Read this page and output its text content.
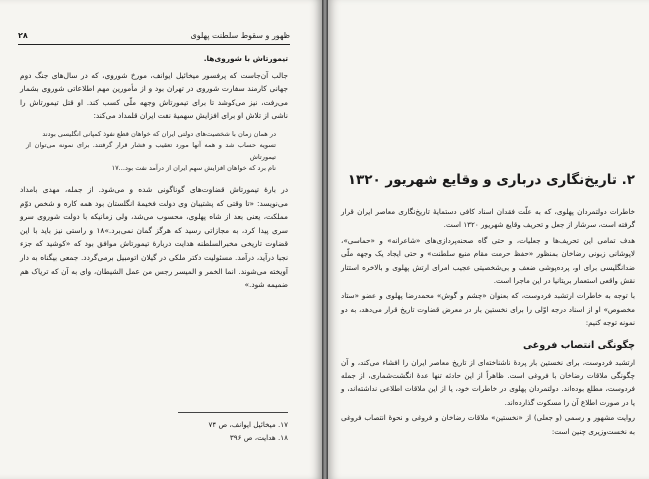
۲۸	ظهور و سقوط سلطنت پهلوی

تیمورتاش با شوروی‌ها.

جالب آن‌جاست که پرفسور میخائیل ایوانف، مورخ شوروی، که در سال‌های جنگ دوم جهانی کارمند سفارت شوروی در تهران بود و از مأمورین مهم اطلاعاتی شوروی بشمار می‌رفت، نیز می‌کوشد تا برای تیمورتاش وجهه ملّی کسب کند. او قتل تیمورتاش را ناشی از تلاش او برای افزایش سهمیهٔ نفت ایران قلمداد می‌کند:

در همان زمان با شخصیت‌های دولتی ایران که خواهان قطع نفوذ کمپانی انگلیسی بودند
تسویه حساب شد و همه آنها مورد تعقیب و فشار قرار گرفتند. برای نمونه می‌توان از تیمورتاش
نام برد که خواهان افزایش سهم ایران از درآمد نفت بود...۱۷

در بارهٔ تیمورتاش قضاوت‌های گوناگونی شده و می‌شود. از جمله، مهدی بامداد می‌نویسد: «تا وقتی که پشتیبان وی دولت فخیمهٔ انگلستان بود همه کاره و شخص دوّم مملکت، یعنی بعد از شاه پهلوی، محسوب می‌شد، ولی زمانیکه با دولت شوروی سرو سری پیدا کرد، به مجازاتی رسید که هرگز گمان نمی‌برد.»۱۸ و راستی نیز باید با این قضاوت تاریخی مخبرالسلطنه هدایت دربارهٔ تیمورتاش موافق بود که «کوشید که جزء نجبا درآید، درآمد. مسئولیت دکتر ملکی در گیلان اتومبیل برمی‌گردد. جمعی بیگناه به دار آویخته می‌شوند. انما الخمر و المیسر رجس من عمل الشیطان، وای به آن که تریاک هم ضمیمه شود.»

۱۷. میخائیل ایوانف، ص ۷۴
۱۸. هدایت، ص ۳۹۶
۲. تاریخ‌نگاری درباری و وقایع شهریور ۱۳۲۰

خاطرات دولتمردان پهلوی، که به علّت فقدان اسناد کافی دستمایهٔ تاریخ‌نگاری معاصر ایران قرار گرفته است، سرشار از جعل و تحریف وقایع شهریور ۱۳۲۰ است.

هدف تمامی این تحریف‌ها و جعلیات، و حتی گاه صحنه‌پردازی‌های «شاعرانه» و «حماسی»، لاپوشانی زبونی رضاخان بمنظور «حفظ حرمت مقام منیع سلطنت» و حتی ایجاد یک وجهه ملّی ضدانگلیسی برای او، پرده‌پوشی ضعف و بی‌شخصیتی عجیب امرای ارتش پهلوی و بالاخره استتار نقش واقعی استعمار بریتانیا در این ماجرا است.

با توجه به خاطرات ارتشبد فردوست، که بعنوان «چشم و گوش» محمدرضا پهلوی و عضو «ستاد مخصوص» او از اسناد درجه اوّلی را برای نخستین بار در معرض قضاوت تاریخ قرار می‌دهد، به دو نمونه توجه کنیم:

چگونگی انتصاب فروغی

ارتشبد فردوست، برای نخستین بار پردهٔ ناشناخته‌ای از تاریخ معاصر ایران را افشاء می‌کند، و آن چگونگی ملاقات رضاخان با فروغی است. ظاهراً از این حادثه تنها عدهٔ انگشت‌شماری، از جمله فردوست، مطلع بوده‌اند. دولتمردان پهلوی در خاطرات خود، یا از این ملاقات اطلاعی نداشته‌اند، و یا در صورت اطلاع آن را مسکوت گذارده‌اند.

روایت مشهور و رسمی (و جعلی) از «نخستین» ملاقات رضاخان و فروغی و نحوهٔ انتصاب فروغی به نخست‌وزیری چنین است:
